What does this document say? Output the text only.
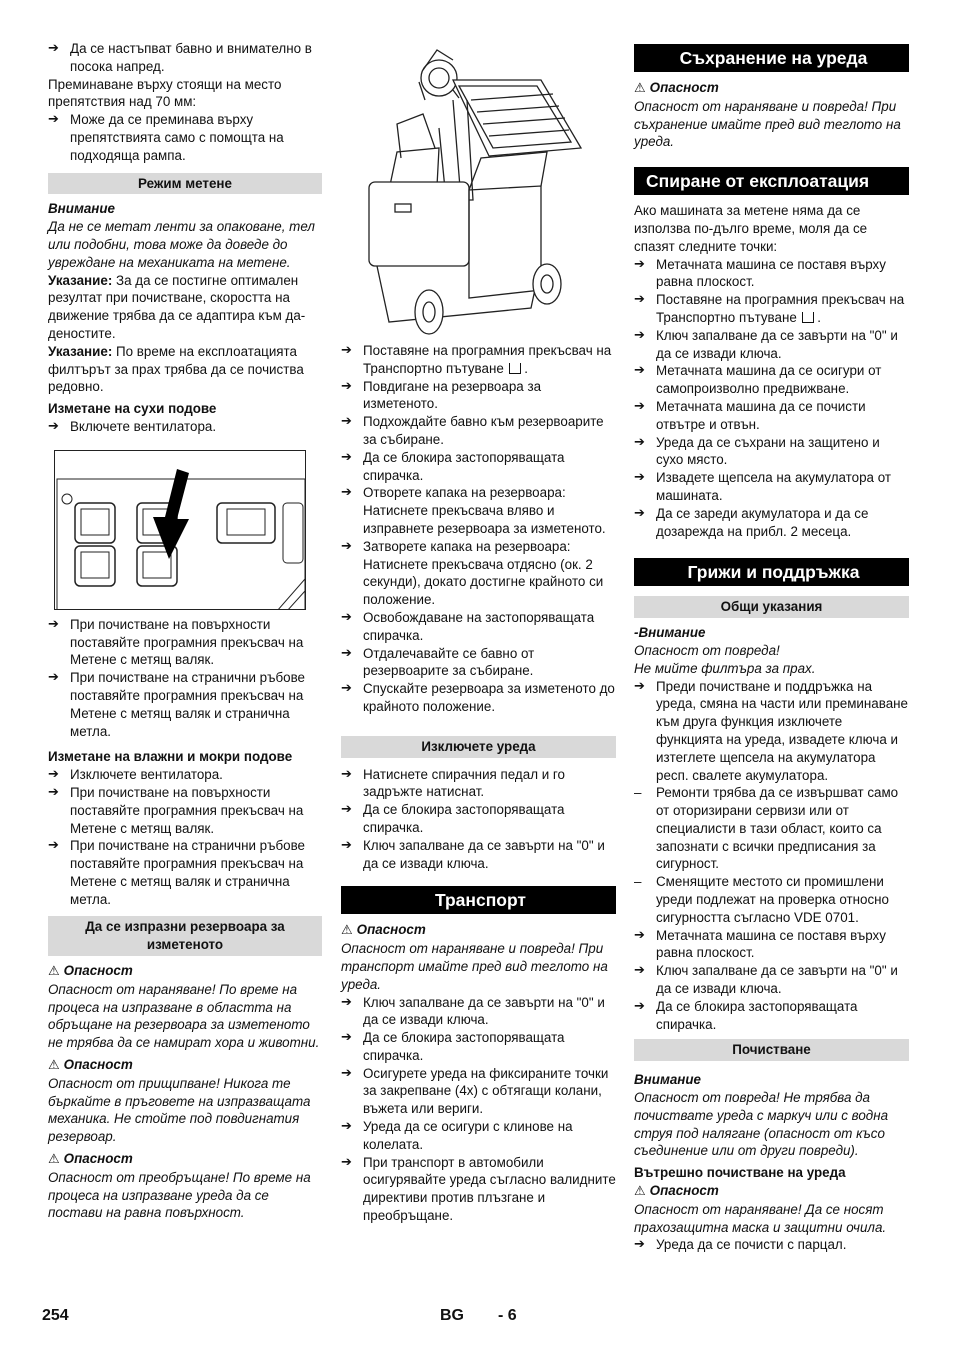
➔ Да се настъпват бавно и внимателно в посока напред.

Преминаване върху стоящи на место препятствия над 70 мм:

➔ Може да се преминава върху препятствията само с помощта на подходяща рампа.

Режим метене

Внимание

Да не се метат ленти за опаковане, тел или подобни, това може да доведе до увреждане на механиката на метене.

Указание: За да се постигне оптимален резултат при почистване, скоростта на движение трябва да се адаптира към да-деностите.

Указание: По време на експлоатацията филтърът за прах трябва да се почиства редовно.

Изметане на сухи подове

➔ Включете вентилатора.

➔ При почистване на повърхности поставяйте програмния прекъсвач на Метене с метящ валяк.

➔ При почистване на странични ръбове поставяйте програмния прекъсвач на Метене с метящ валяк и странична метла.

Изметане на влажни и мокри подове

➔ Изключете вентилатора.

➔ При почистване на повърхности поставяйте програмния прекъсвач на Метене с метящ валяк.

➔ При почистване на странични ръбове поставяйте програмния прекъсвач на Метене с метящ валяк и странична метла.

Да се изпразни резервоара за изметеното

⚠ Опасност

Опасност от нараняване! По време на процеса на изпразване в областта на обръщане на резервоара за изметеното не трябва да се намират хора и животни.

⚠ Опасност

Опасност от прищипване! Никога те бъркайте в пръговете на изпразващата механика. Не стойте под повдигнатия резервоар.

⚠ Опасност

Опасност от преобръщане! По време на процеса на изпразване уреда да се постави на равна повърхност.

➔ Поставяне на програмния прекъсвач на Транспортно пътуване  .

➔ Повдигане на резервоара за изметеното.

➔ Подхождайте бавно към резервоарите за събиране.

➔ Да се блокира застопоряващата спирачка.

➔ Отворете капака на резервоара: Натиснете прекъсвача вляво и изправнете резервоара за изметеното.

➔ Затворете капака на резервоара: Натиснете прекъсвача отдясно (ок. 2 секунди), докато достигне крайното си положение.

➔ Освобождаване на застопоряващата спирачка.

➔ Отдалечавайте се бавно от резервоарите за събиране.

➔ Спускайте резервоара за изметеното до крайното положение.

Изключете уреда

➔ Натиснете спирачния педал и го задръжте натиснат.

➔ Да се блокира застопоряващата спирачка.

➔ Ключ запалване да се завърти на "0" и да се извади ключа.

Транспорт

⚠ Опасност

Опасност от нараняване и повреда! При транспорт имайте пред вид теглото на уреда.

➔ Ключ запалване да се завърти на "0" и да се извади ключа.

➔ Да се блокира застопоряващата спирачка.

➔ Осигурете уреда на фиксираните точки за закрепване (4x) с обтягащи колани, въжета или вериги.

➔ Уреда да се осигури с клинове на колелата.

➔ При транспорт в автомобили осигурявайте уреда съгласно валидните директиви против плъзгане и преобръщане.

Съхранение на уреда

⚠ Опасност

Опасност от нараняване и повреда! При съхранение имайте пред вид теглото на уреда.

Спиране от експлоатация

Ако машината за метене няма да се използва по-дълго време, моля да се спазят следните точки:

➔ Метачната машина се поставя върху равна плоскост.

➔ Поставяне на програмния прекъсвач на Транспортно пътуване  .

➔ Ключ запалване да се завърти на "0" и да се извади ключа.

➔ Метачната машина да се осигури от самопроизволно предвижване.

➔ Метачната машина да се почисти отвътре и отвън.

➔ Уреда да се съхрани на защитено и сухо място.

➔ Извадете щепсела на акумулатора от машината.

➔ Да се зареди акумулатора и да се дозарежда на прибл. 2 месеца.

Грижи и поддръжка
Общи указания

-Внимание

Опасност от повреда!

Не мийте филтъра за прах.

➔ Преди почистване и поддръжка на уреда, смяна на части или преминаване към друга функция изключете функцията на уреда, извадете ключа и изтеглете щепсела на акумулатора респ. свалете акумулатора.

– Ремонти трябва да се извършват само от оторизирани сервизи или от специалисти в тази област, които са запознати с всички предписания за сигурност.

– Сменящите местото си промишлени уреди подлежат на проверка относно сигурността съгласно VDE 0701.

➔ Метачната машина се поставя върху равна плоскост.

➔ Ключ запалване да се завърти на "0" и да се извади ключа.

➔ Да се блокира застопоряващата спирачка.

Почистване

Внимание

Опасност от повреда! Не трябва да почиствате уреда с маркуч или с водна струя под налягане (опасност от късо съединение или от други повреди).

Вътрешно почистване на уреда

⚠ Опасност

Опасност от нараняване! Да се носят прахозащитна маска и защитни очила.

➔ Уреда да се почисти с парцал.

254	BG - 6
